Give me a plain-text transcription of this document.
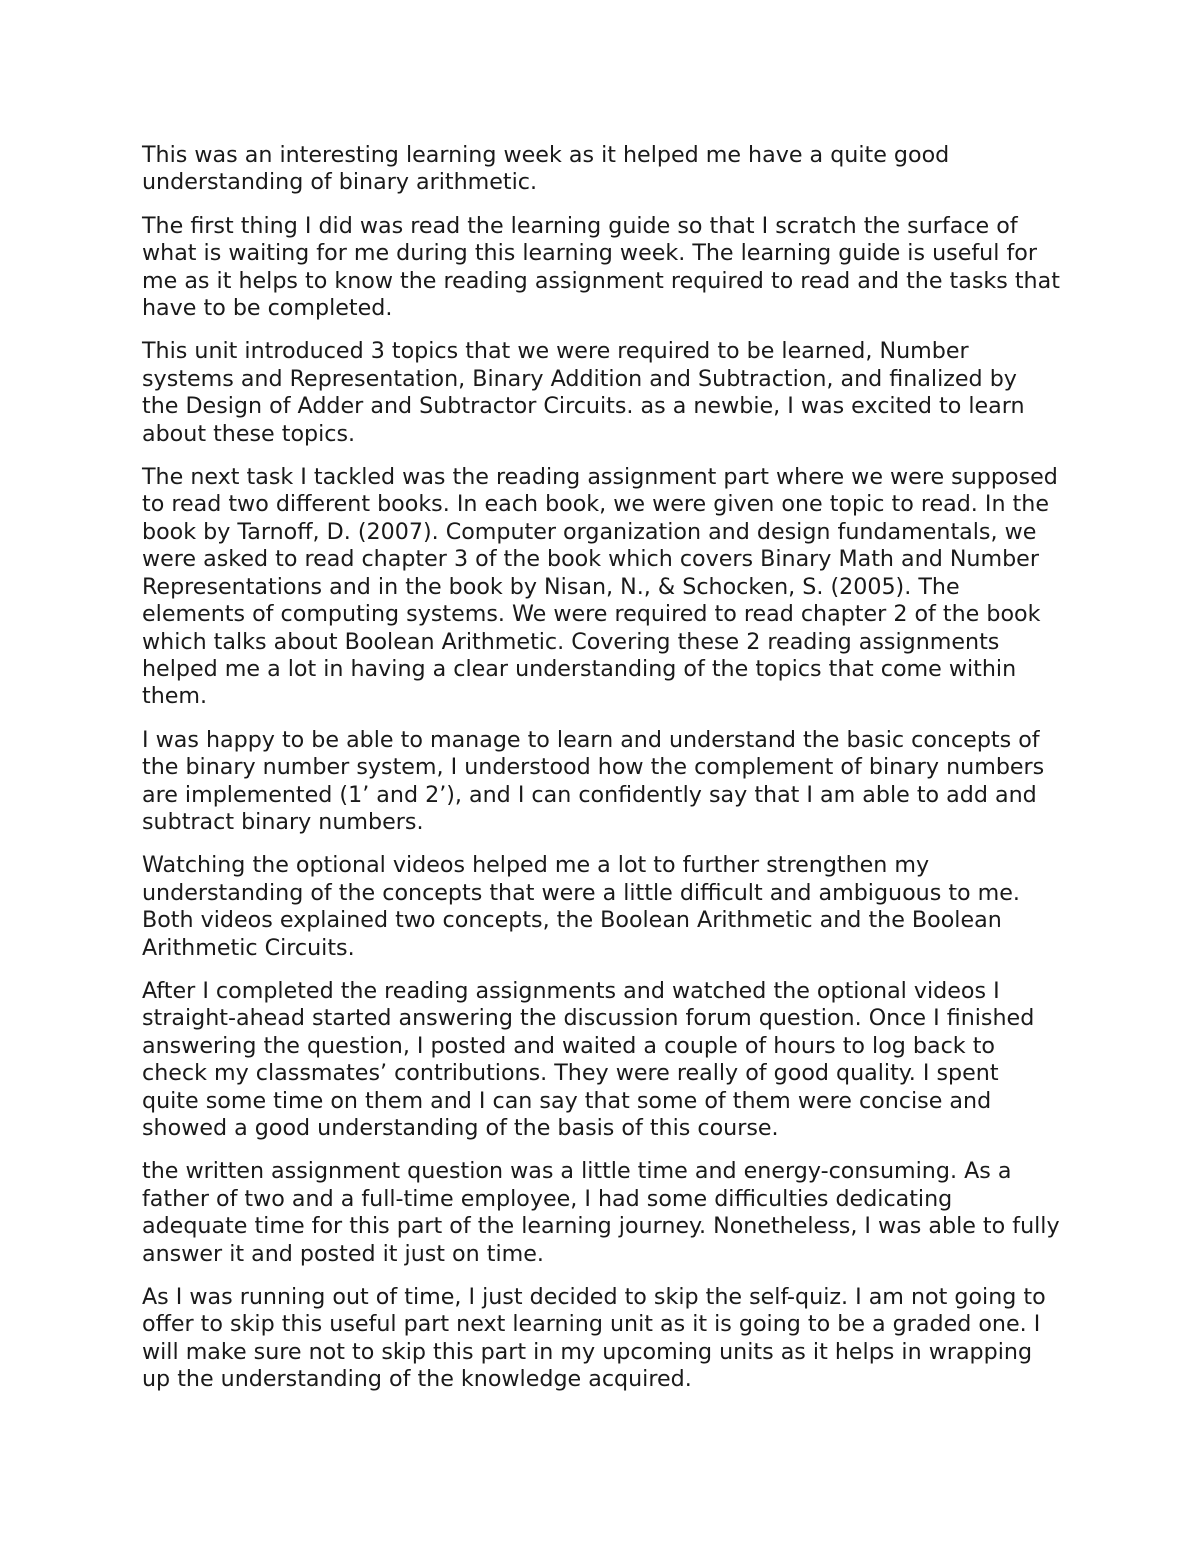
This was an interesting learning week as it helped me have a quite good understanding of binary arithmetic.

The first thing I did was read the learning guide so that I scratch the surface of what is waiting for me during this learning week. The learning guide is useful for me as it helps to know the reading assignment required to read and the tasks that have to be completed.

This unit introduced 3 topics that we were required to be learned, Number systems and Representation, Binary Addition and Subtraction, and finalized by the Design of Adder and Subtractor Circuits. as a newbie, I was excited to learn about these topics.

The next task I tackled was the reading assignment part where we were supposed to read two different books. In each book, we were given one topic to read. In the book by Tarnoff, D. (2007). Computer organization and design fundamentals, we were asked to read chapter 3 of the book which covers Binary Math and Number Representations and in the book by Nisan, N., & Schocken, S. (2005). The elements of computing systems. We were required to read chapter 2 of the book which talks about Boolean Arithmetic. Covering these 2 reading assignments helped me a lot in having a clear understanding of the topics that come within them.

I was happy to be able to manage to learn and understand the basic concepts of the binary number system, I understood how the complement of binary numbers are implemented (1’ and 2’), and I can confidently say that I am able to add and subtract binary numbers.

Watching the optional videos helped me a lot to further strengthen my understanding of the concepts that were a little difficult and ambiguous to me. Both videos explained two concepts, the Boolean Arithmetic and the Boolean Arithmetic Circuits.

After I completed the reading assignments and watched the optional videos I straight-ahead started answering the discussion forum question. Once I finished answering the question, I posted and waited a couple of hours to log back to check my classmates’ contributions. They were really of good quality. I spent quite some time on them and I can say that some of them were concise and showed a good understanding of the basis of this course.

the written assignment question was a little time and energy-consuming. As a father of two and a full-time employee, I had some difficulties dedicating adequate time for this part of the learning journey. Nonetheless, I was able to fully answer it and posted it just on time.

As I was running out of time, I just decided to skip the self-quiz. I am not going to offer to skip this useful part next learning unit as it is going to be a graded one. I will make sure not to skip this part in my upcoming units as it helps in wrapping up the understanding of the knowledge acquired.
